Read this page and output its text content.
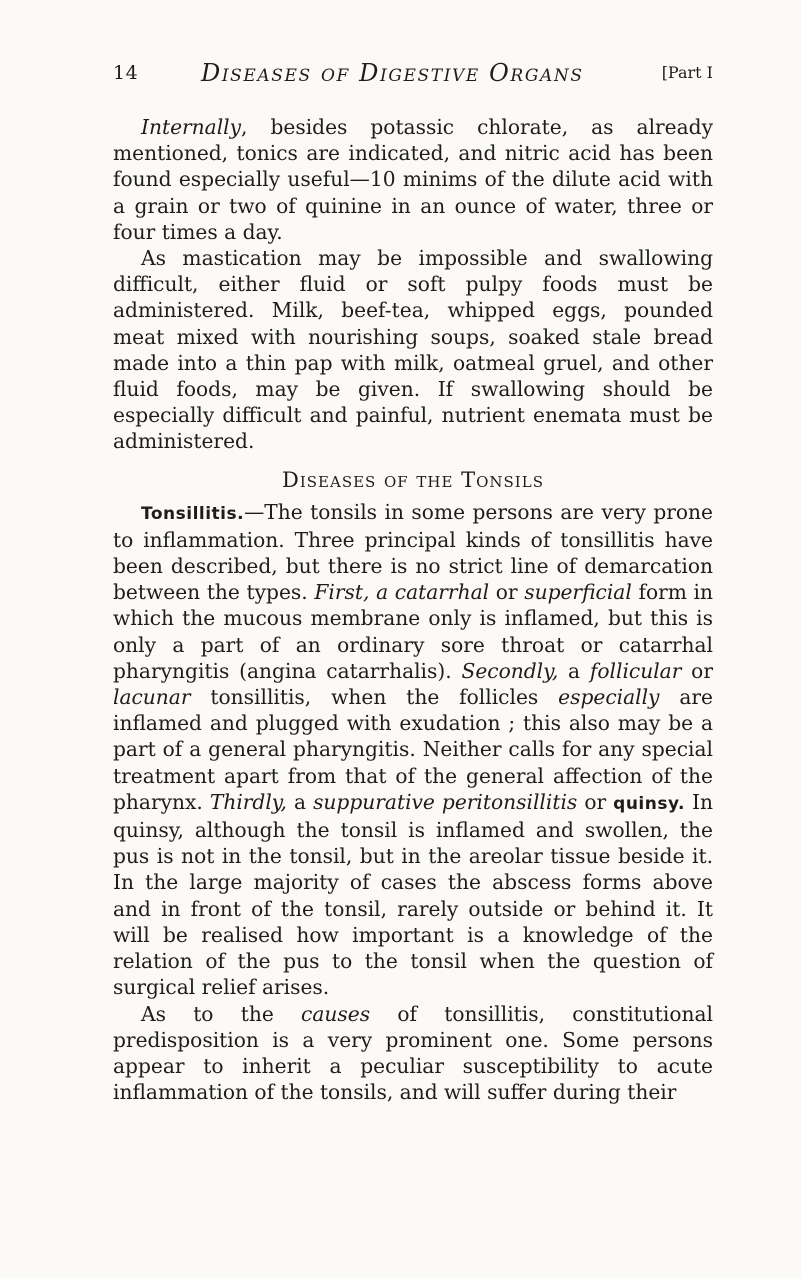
14	Diseases of Digestive Organs	[Part I

Internally, besides potassic chlorate, as already mentioned, tonics are indicated, and nitric acid has been found especially useful—10 minims of the dilute acid with a grain or two of quinine in an ounce of water, three or four times a day.

As mastication may be impossible and swallowing difficult, either fluid or soft pulpy foods must be administered. Milk, beef-tea, whipped eggs, pounded meat mixed with nourishing soups, soaked stale bread made into a thin pap with milk, oatmeal gruel, and other fluid foods, may be given. If swallowing should be especially difficult and painful, nutrient enemata must be administered.

Diseases of the Tonsils

Tonsillitis.—The tonsils in some persons are very prone to inflammation. Three principal kinds of tonsillitis have been described, but there is no strict line of demarcation between the types. First, a catarrhal or superficial form in which the mucous membrane only is inflamed, but this is only a part of an ordinary sore throat or catarrhal pharyngitis (angina catarrhalis). Secondly, a follicular or lacunar tonsillitis, when the follicles especially are inflamed and plugged with exudation ; this also may be a part of a general pharyngitis. Neither calls for any special treatment apart from that of the general affection of the pharynx. Thirdly, a suppurative peritonsillitis or quinsy. In quinsy, although the tonsil is inflamed and swollen, the pus is not in the tonsil, but in the areolar tissue beside it. In the large majority of cases the abscess forms above and in front of the tonsil, rarely outside or behind it. It will be realised how important is a knowledge of the relation of the pus to the tonsil when the question of surgical relief arises.

As to the causes of tonsillitis, constitutional predisposition is a very prominent one. Some persons appear to inherit a peculiar susceptibility to acute inflammation of the tonsils, and will suffer during their
